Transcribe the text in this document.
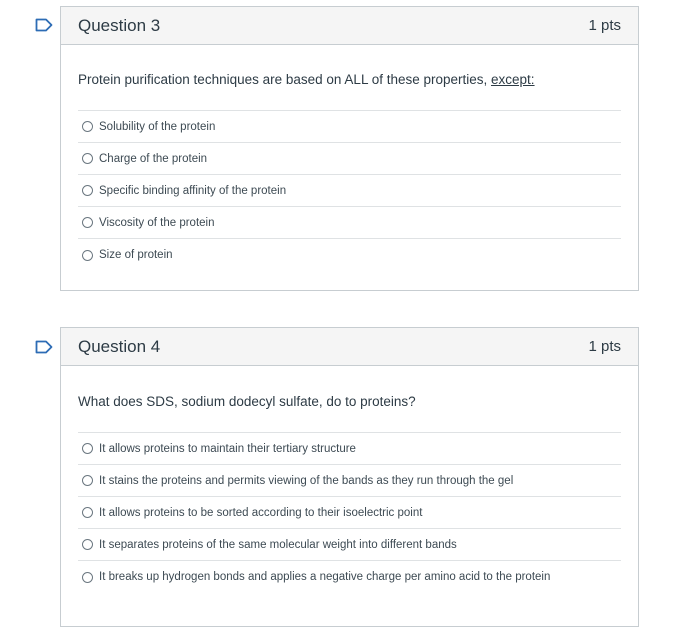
Question 3	1 pts

Protein purification techniques are based on ALL of these properties, except:

Solubility of the protein
Charge of the protein
Specific binding affinity of the protein
Viscosity of the protein
Size of protein
Question 4	1 pts

What does SDS, sodium dodecyl sulfate, do to proteins?

It allows proteins to maintain their tertiary structure
It stains the proteins and permits viewing of the bands as they run through the gel
It allows proteins to be sorted according to their isoelectric point
It separates proteins of the same molecular weight into different bands
It breaks up hydrogen bonds and applies a negative charge per amino acid to the protein
